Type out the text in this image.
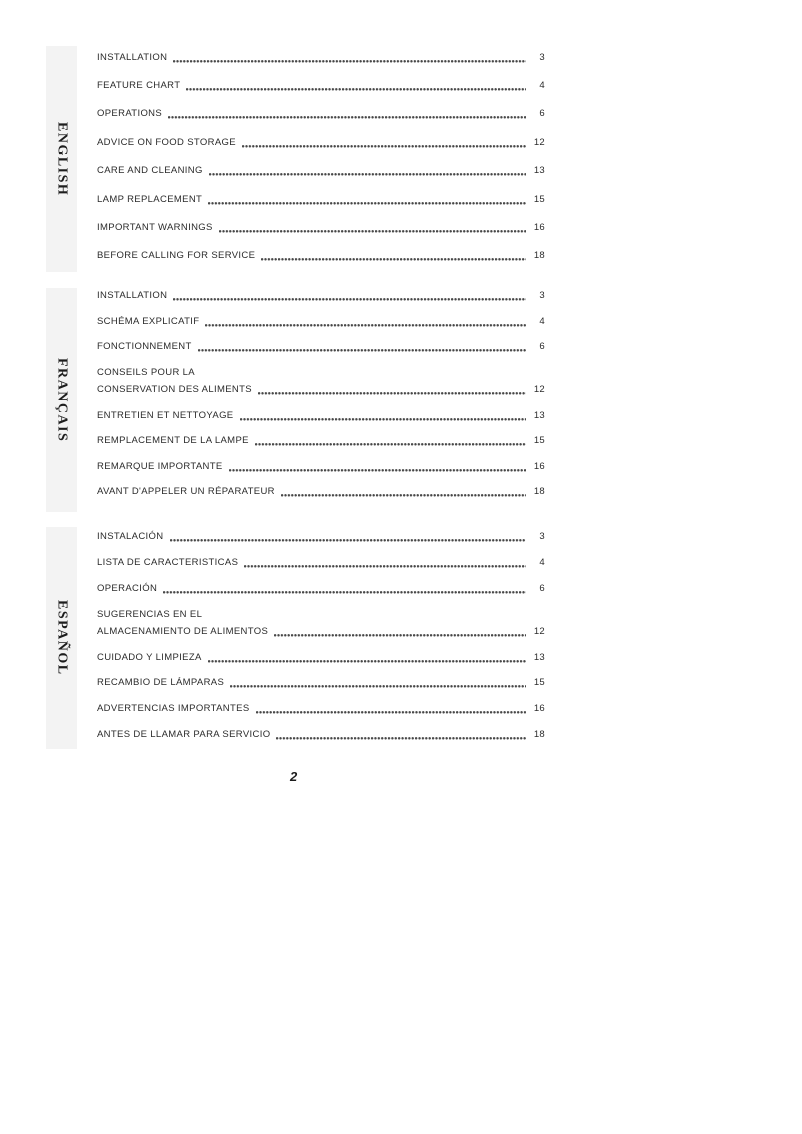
ENGLISH
INSTALLATION	3
FEATURE CHART	4
OPERATIONS	6
ADVICE ON FOOD STORAGE	12
CARE AND CLEANING	13
LAMP REPLACEMENT	15
IMPORTANT WARNINGS	16
BEFORE CALLING FOR SERVICE	18
FRANÇAIS
INSTALLATION	3
SCHÉMA EXPLICATIF	4
FONCTIONNEMENT	6
CONSEILS POUR LA
CONSERVATION DES ALIMENTS	12
ENTRETIEN ET NETTOYAGE	13
REMPLACEMENT DE LA LAMPE	15
REMARQUE IMPORTANTE	16
AVANT D'APPELER UN RÉPARATEUR	18
ESPAÑOL
INSTALACIÓN	3
LISTA DE CARACTERISTICAS	4
OPERACIÓN	6
SUGERENCIAS EN EL
ALMACENAMIENTO DE ALIMENTOS	12
CUIDADO Y LIMPIEZA	13
RECAMBIO DE LÁMPARAS	15
ADVERTENCIAS IMPORTANTES	16
ANTES DE LLAMAR PARA SERVICIO	18
2
